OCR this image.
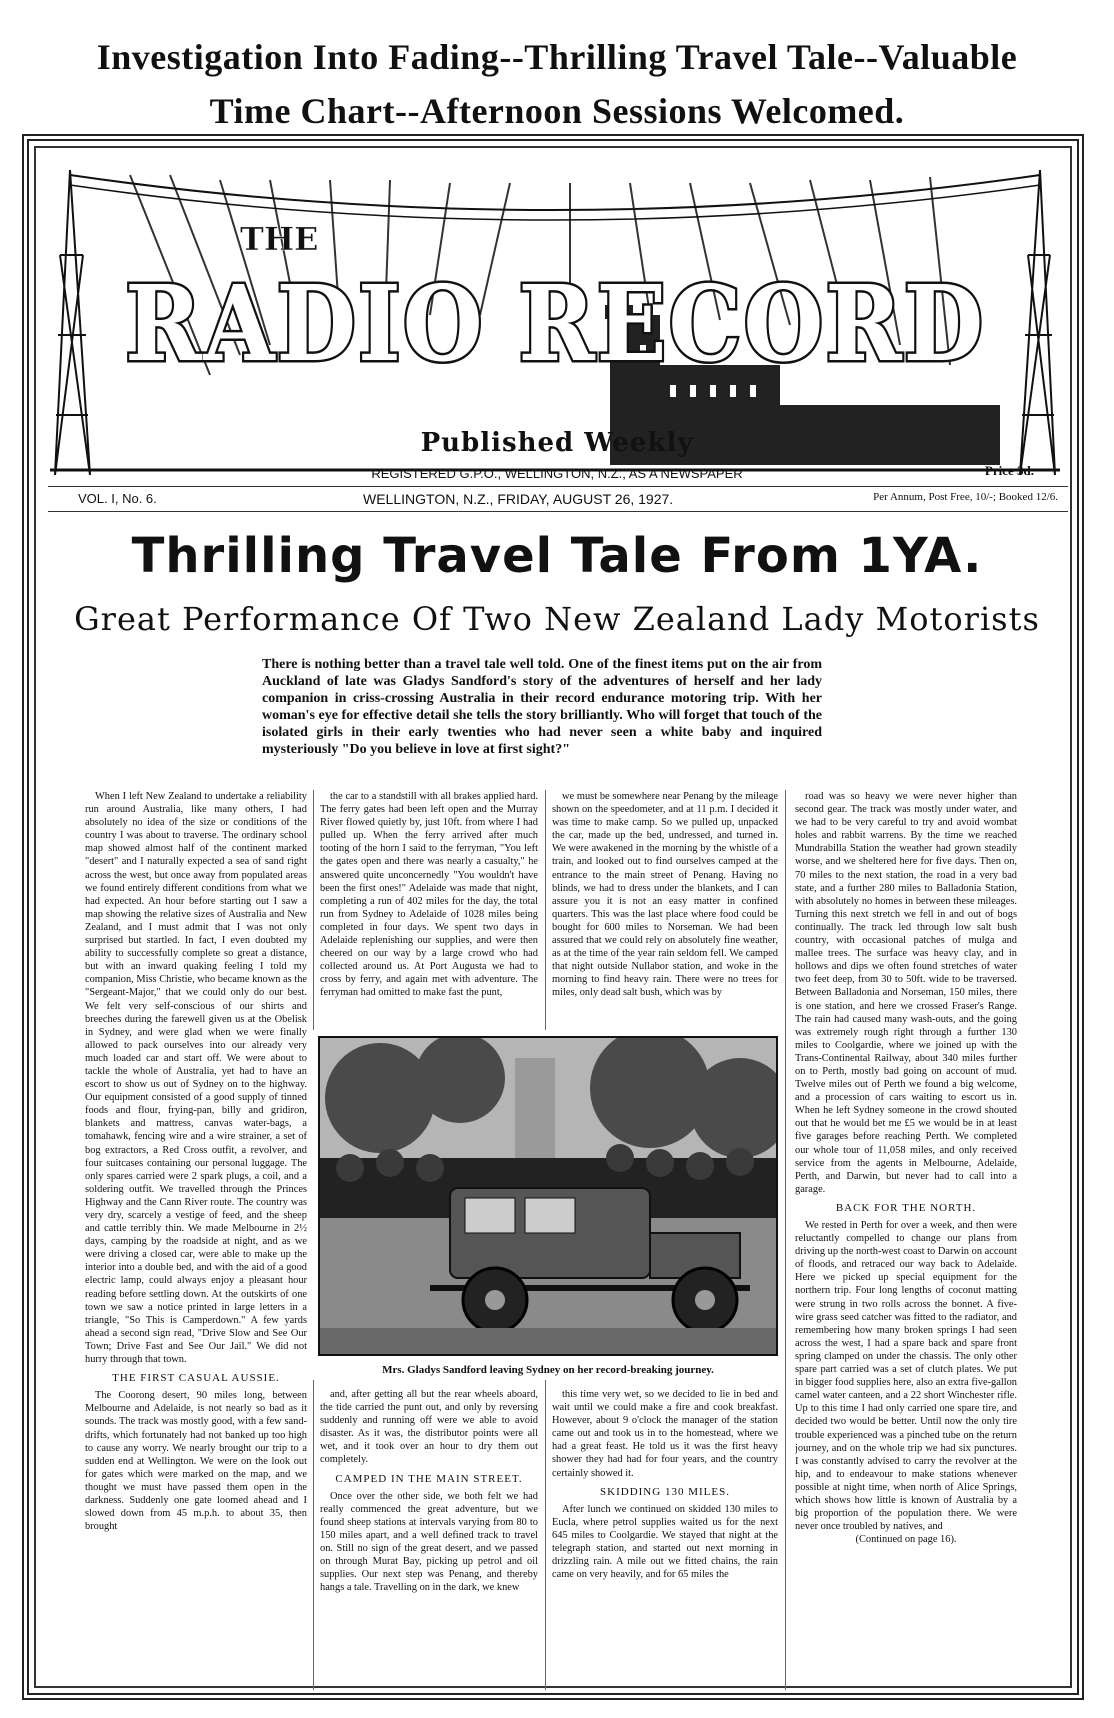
Investigation Into Fading--Thrilling Travel Tale--Valuable
Time Chart--Afternoon Sessions Welcomed.
THE
RADIO RECORD
Published Weekly
REGISTERED G.P.O., WELLINGTON, N.Z., AS A NEWSPAPER	Price 3d.
VOL. I, No. 6.	WELLINGTON, N.Z., FRIDAY, AUGUST 26, 1927.	Per Annum, Post Free, 10/-; Booked 12/6.
Thrilling Travel Tale From 1YA.
Great Performance Of Two New Zealand Lady Motorists
There is nothing better than a travel tale well told. One of the finest items put on the air from Auckland of late was Gladys Sandford's story of the adventures of herself and her lady companion in criss-crossing Australia in their record endurance motoring trip. With her woman's eye for effective detail she tells the story brilliantly. Who will forget that touch of the isolated girls in their early twenties who had never seen a white baby and inquired mysteriously "Do you believe in love at first sight?"

When I left New Zealand to undertake a reliability run around Australia, like many others, I had absolutely no idea of the size or conditions of the country I was about to traverse. The ordinary school map showed almost half of the continent marked "desert" and I naturally expected a sea of sand right across the west, but once away from populated areas we found entirely different conditions from what we had expected. An hour before starting out I saw a map showing the relative sizes of Australia and New Zealand, and I must admit that I was not only surprised but startled. In fact, I even doubted my ability to successfully complete so great a distance, but with an inward quaking feeling I told my companion, Miss Christie, who became known as the "Sergeant-Major," that we could only do our best. We felt very self-conscious of our shirts and breeches during the farewell given us at the Obelisk in Sydney, and were glad when we were finally allowed to pack ourselves into our already very much loaded car and start off. We were about to tackle the whole of Australia, yet had to have an escort to show us out of Sydney on to the highway. Our equipment consisted of a good supply of tinned foods and flour, frying-pan, billy and gridiron, blankets and mattress, canvas water-bags, a tomahawk, fencing wire and a wire strainer, a set of bog extractors, a Red Cross outfit, a revolver, and four suitcases containing our personal luggage. The only spares carried were 2 spark plugs, a coil, and a soldering outfit. We travelled through the Princes Highway and the Cann River route. The country was very dry, scarcely a vestige of feed, and the sheep and cattle terribly thin. We made Melbourne in 2½ days, camping by the roadside at night, and as we were driving a closed car, were able to make up the interior into a double bed, and with the aid of a good electric lamp, could always enjoy a pleasant hour reading before settling down. At the outskirts of one town we saw a notice printed in large letters in a triangle, "So This is Camperdown." A few yards ahead a second sign read, "Drive Slow and See Our Town; Drive Fast and See Our Jail." We did not hurry through that town.

THE FIRST CASUAL AUSSIE.

The Coorong desert, 90 miles long, between Melbourne and Adelaide, is not nearly so bad as it sounds. The track was mostly good, with a few sand-drifts, which fortunately had not banked up too high to cause any worry. We nearly brought our trip to a sudden end at Wellington. We were on the look out for gates which were marked on the map, and we thought we must have passed them open in the darkness. Suddenly one gate loomed ahead and I slowed down from 45 m.p.h. to about 35, then brought

the car to a standstill with all brakes applied hard. The ferry gates had been left open and the Murray River flowed quietly by, just 10ft. from where I had pulled up. When the ferry arrived after much tooting of the horn I said to the ferryman, "You left the gates open and there was nearly a casualty," he answered quite unconcernedly "You wouldn't have been the first ones!" Adelaide was made that night, completing a run of 402 miles for the day, the total run from Sydney to Adelaide of 1028 miles being completed in four days. We spent two days in Adelaide replenishing our supplies, and were then cheered on our way by a large crowd who had collected around us. At Port Augusta we had to cross by ferry, and again met with adventure. The ferryman had omitted to make fast the punt,

we must be somewhere near Penang by the mileage shown on the speedometer, and at 11 p.m. I decided it was time to make camp. So we pulled up, unpacked the car, made up the bed, undressed, and turned in. We were awakened in the morning by the whistle of a train, and looked out to find ourselves camped at the entrance to the main street of Penang. Having no blinds, we had to dress under the blankets, and I can assure you it is not an easy matter in confined quarters. This was the last place where food could be bought for 600 miles to Norseman. We had been assured that we could rely on absolutely fine weather, as at the time of the year rain seldom fell. We camped that night outside Nullabor station, and woke in the morning to find heavy rain. There were no trees for miles, only dead salt bush, which was by

road was so heavy we were never higher than second gear. The track was mostly under water, and we had to be very careful to try and avoid wombat holes and rabbit warrens. By the time we reached Mundrabilla Station the weather had grown steadily worse, and we sheltered here for five days. Then on, 70 miles to the next station, the road in a very bad state, and a further 280 miles to Balladonia Station, with absolutely no homes in between these mileages. Turning this next stretch we fell in and out of bogs continually. The track led through low salt bush country, with occasional patches of mulga and mallee trees. The surface was heavy clay, and in hollows and dips we often found stretches of water two feet deep, from 30 to 50ft. wide to be traversed. Between Balladonia and Norseman, 150 miles, there is one station, and here we crossed Fraser's Range. The rain had caused many wash-outs, and the going was extremely rough right through a further 130 miles to Coolgardie, where we joined up with the Trans-Continental Railway, about 340 miles further on to Perth, mostly bad going on account of mud. Twelve miles out of Perth we found a big welcome, and a procession of cars waiting to escort us in. When he left Sydney someone in the crowd shouted out that he would bet me £5 we would be in at least five garages before reaching Perth. We completed our whole tour of 11,058 miles, and only received service from the agents in Melbourne, Adelaide, Perth, and Darwin, but never had to call into a garage.

BACK FOR THE NORTH.

We rested in Perth for over a week, and then were reluctantly compelled to change our plans from driving up the north-west coast to Darwin on account of floods, and retraced our way back to Adelaide. Here we picked up special equipment for the northern trip. Four long lengths of coconut matting were strung in two rolls across the bonnet. A five-wire grass seed catcher was fitted to the radiator, and remembering how many broken springs I had seen across the west, I had a spare back and spare front spring clamped on under the chassis. The only other spare part carried was a set of clutch plates. We put in bigger food supplies here, also an extra five-gallon camel water canteen, and a 22 short Winchester rifle. Up to this time I had only carried one spare tire, and decided two would be better. Until now the only tire trouble experienced was a pinched tube on the return journey, and on the whole trip we had six punctures. I was constantly advised to carry the revolver at the hip, and to endeavour to make stations whenever possible at night time, when north of Alice Springs, which shows how little is known of Australia by a big proportion of the population there. We were never once troubled by natives, and

(Continued on page 16).

Mrs. Gladys Sandford leaving Sydney on her record-breaking journey.

and, after getting all but the rear wheels aboard, the tide carried the punt out, and only by reversing suddenly and running off were we able to avoid disaster. As it was, the distributor points were all wet, and it took over an hour to dry them out completely.

CAMPED IN THE MAIN STREET.

Once over the other side, we both felt we had really commenced the great adventure, but we found sheep stations at intervals varying from 80 to 150 miles apart, and a well defined track to travel on. Still no sign of the great desert, and we passed on through Murat Bay, picking up petrol and oil supplies. Our next step was Penang, and thereby hangs a tale. Travelling on in the dark, we knew

this time very wet, so we decided to lie in bed and wait until we could make a fire and cook breakfast. However, about 9 o'clock the manager of the station came out and took us in to the homestead, where we had a great feast. He told us it was the first heavy shower they had had for four years, and the country certainly showed it.

SKIDDING 130 MILES.

After lunch we continued on skidded 130 miles to Eucla, where petrol supplies waited us for the next 645 miles to Coolgardie. We stayed that night at the telegraph station, and started out next morning in drizzling rain. A mile out we fitted chains, the rain came on very heavily, and for 65 miles the
